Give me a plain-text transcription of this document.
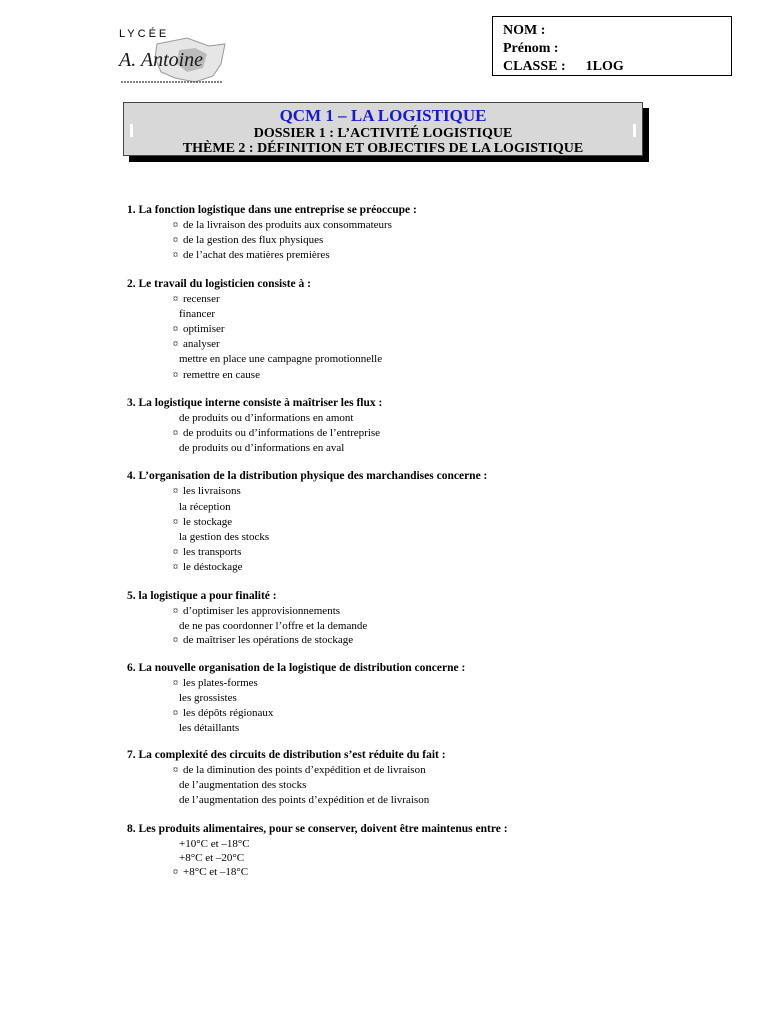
LYCÉE
A. Antoine
NOM :
Prénom :
CLASSE : 1LOG
QCM 1 – LA LOGISTIQUE
DOSSIER 1 : L’ACTIVITÉ LOGISTIQUE
THÈME 2 : DÉFINITION ET OBJECTIFS DE LA LOGISTIQUE
1. La fonction logistique dans une entreprise se préoccupe :
¤ de la livraison des produits aux consommateurs
¤ de la gestion des flux physiques
¤ de l’achat des matières premières
2. Le travail du logisticien consiste à :
¤ recenser
financer
¤ optimiser
¤ analyser
mettre en place une campagne promotionnelle
¤ remettre en cause
3. La logistique interne consiste à maîtriser les flux :
de produits ou d’informations en amont
¤ de produits ou d’informations de l’entreprise
de produits ou d’informations en aval
4. L’organisation de la distribution physique des marchandises concerne :
¤ les livraisons
la réception
¤ le stockage
la gestion des stocks
¤ les transports
¤ le déstockage
5. la logistique a pour finalité :
¤ d’optimiser les approvisionnements
de ne pas coordonner l’offre et la demande
¤ de maîtriser les opérations de stockage
6. La nouvelle organisation de la logistique de distribution concerne :
¤ les plates-formes
les grossistes
¤ les dépôts régionaux
les détaillants
7. La complexité des circuits de distribution s’est réduite du fait :
¤ de la diminution des points d’expédition et de livraison
de l’augmentation des stocks
de l’augmentation des points d’expédition et de livraison
8. Les produits alimentaires, pour se conserver, doivent être maintenus entre :
+10°C et –18°C
+8°C et –20°C
¤ +8°C et –18°C
